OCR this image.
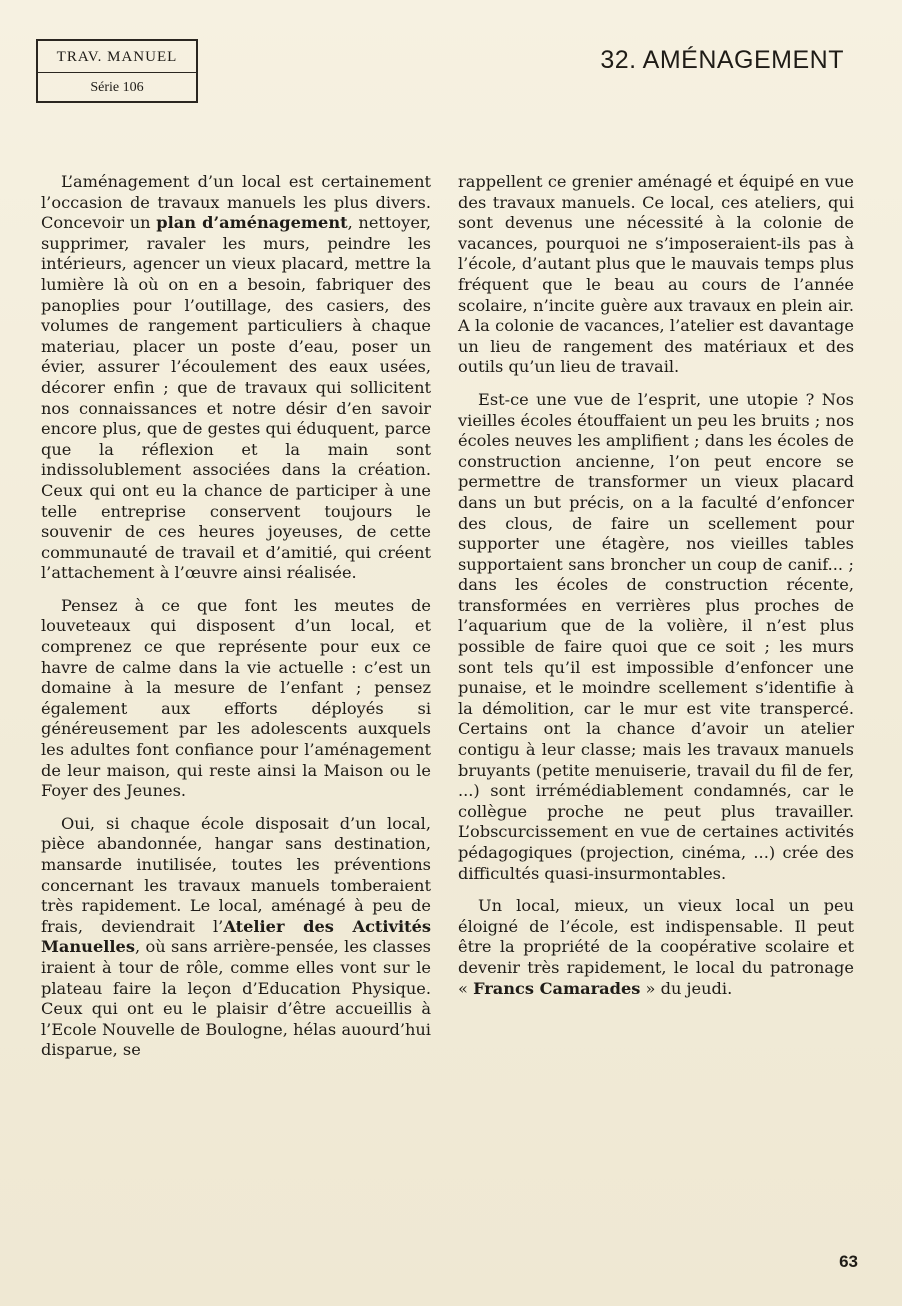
TRAV. MANUEL
Série 106
32. AMÉNAGEMENT

L’aménagement d’un local est certainement l’occasion de travaux manuels les plus divers. Concevoir un plan d’aménagement, nettoyer, supprimer, ravaler les murs, peindre les intérieurs, agencer un vieux placard, mettre la lumière là où on en a besoin, fabriquer des panoplies pour l’outillage, des casiers, des volumes de rangement particuliers à chaque materiau, placer un poste d’eau, poser un évier, assurer l’écoulement des eaux usées, décorer enfin ; que de travaux qui sollicitent nos connaissances et notre désir d’en savoir encore plus, que de gestes qui éduquent, parce que la réflexion et la main sont indissolublement associées dans la création. Ceux qui ont eu la chance de participer à une telle entreprise conservent toujours le souvenir de ces heures joyeuses, de cette communauté de travail et d’amitié, qui créent l’attachement à l’œuvre ainsi réalisée.

Pensez à ce que font les meutes de louveteaux qui disposent d’un local, et comprenez ce que représente pour eux ce havre de calme dans la vie actuelle : c’est un domaine à la mesure de l’enfant ; pensez également aux efforts déployés si généreusement par les adolescents auxquels les adultes font confiance pour l’aménagement de leur maison, qui reste ainsi la Maison ou le Foyer des Jeunes.

Oui, si chaque école disposait d’un local, pièce abandonnée, hangar sans destination, mansarde inutilisée, toutes les préventions concernant les travaux manuels tomberaient très rapidement. Le local, aménagé à peu de frais, deviendrait l’Atelier des Activités Manuelles, où sans arrière-pensée, les classes iraient à tour de rôle, comme elles vont sur le plateau faire la leçon d’Education Physique. Ceux qui ont eu le plaisir d’être accueillis à l’Ecole Nouvelle de Boulogne, hélas auourd’hui disparue, se

rappellent ce grenier aménagé et équipé en vue des travaux manuels. Ce local, ces ateliers, qui sont devenus une nécessité à la colonie de vacances, pourquoi ne s’imposeraient-ils pas à l’école, d’autant plus que le mauvais temps plus fréquent que le beau au cours de l’année scolaire, n’incite guère aux travaux en plein air. A la colonie de vacances, l’atelier est davantage un lieu de rangement des matériaux et des outils qu’un lieu de travail.

Est-ce une vue de l’esprit, une utopie ? Nos vieilles écoles étouffaient un peu les bruits ; nos écoles neuves les amplifient ; dans les écoles de construction ancienne, l’on peut encore se permettre de transformer un vieux placard dans un but précis, on a la faculté d’enfoncer des clous, de faire un scellement pour supporter une étagère, nos vieilles tables supportaient sans broncher un coup de canif... ; dans les écoles de construction récente, transformées en verrières plus proches de l’aquarium que de la volière, il n’est plus possible de faire quoi que ce soit ; les murs sont tels qu’il est impossible d’enfoncer une punaise, et le moindre scellement s’identifie à la démolition, car le mur est vite transpercé. Certains ont la chance d’avoir un atelier contigu à leur classe; mais les travaux manuels bruyants (petite menuiserie, travail du fil de fer, ...) sont irrémédiablement condamnés, car le collègue proche ne peut plus travailler. L’obscurcissement en vue de certaines activités pédagogiques (projection, cinéma, ...) crée des difficultés quasi-insurmontables.

Un local, mieux, un vieux local un peu éloigné de l’école, est indispensable. Il peut être la propriété de la coopérative scolaire et devenir très rapidement, le local du patronage « Francs Camarades » du jeudi.

63
